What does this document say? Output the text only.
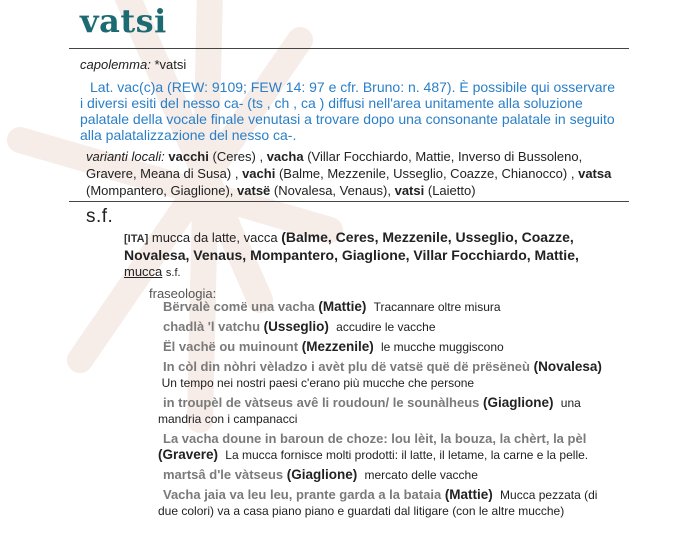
vatsi
capolemma: *vatsi
Lat. vac(c)a (REW: 9109; FEW 14: 97 e cfr. Bruno: n. 487). È possibile qui osservare i diversi esiti del nesso ca- (ts , ch , ca ) diffusi nell'area unitamente alla soluzione palatale della vocale finale venutasi a trovare dopo una consonante palatale in seguito alla palatalizzazione del nesso ca-.
varianti locali: vacchi (Ceres) , vacha (Villar Focchiardo, Mattie, Inverso di Bussoleno, Gravere, Meana di Susa) , vachi (Balme, Mezzenile, Usseglio, Coazze, Chianocco) , vatsa (Mompantero, Giaglione), vatsë (Novalesa, Venaus), vatsi (Laietto)
s.f.
[ITA] mucca da latte, vacca (Balme, Ceres, Mezzenile, Usseglio, Coazze, Novalesa, Venaus, Mompantero, Giaglione, Villar Focchiardo, Mattie,
mucca s.f.
fraseologia:
Bërvalè comë una vacha (Mattie) Tracannare oltre misura
chadlà 'l vatchu (Usseglio) accudire le vacche
Ël vachë ou muinount (Mezzenile) le mucche muggiscono
In còl din nòhri vèladzo i avèt plu dë vatsë quë dë prësëneù (Novalesa)  Un tempo nei nostri paesi c'erano più mucche che persone
in troupèl de vàtseus avê li roudoun/ le sounàlheus (Giaglione) una mandria con i campanacci
La vacha doune in baroun de choze: lou lèit, la bouza, la chèrt, la pèl (Gravere) La mucca fornisce molti prodotti: il latte, il letame, la carne e la pelle.
martsâ d'le vàtseus (Giaglione) mercato delle vacche
Vacha jaia va leu leu, prante garda a la bataia (Mattie) Mucca pezzata (di due colori) va a casa piano piano e guardati dal litigare (con le altre mucche)
